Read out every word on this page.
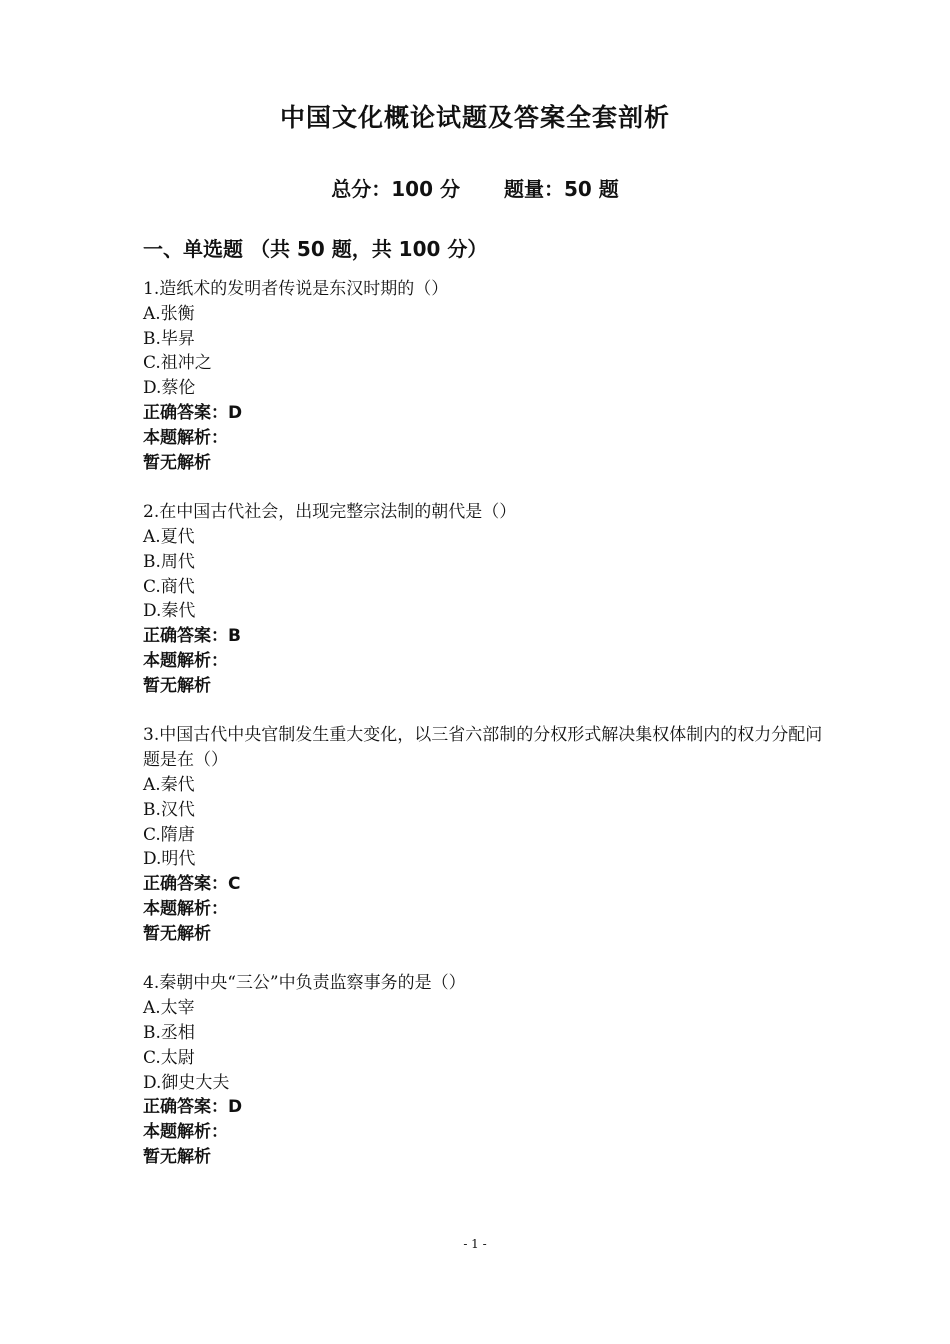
中国文化概论试题及答案全套剖析
总分：100 分 题量：50 题
一、单选题 （共 50 题，共 100 分）
1.造纸术的发明者传说是东汉时期的（）
A.张衡
B.毕昇
C.祖冲之
D.蔡伦
正确答案：D
本题解析：
暂无解析
2.在中国古代社会，出现完整宗法制的朝代是（）
A.夏代
B.周代
C.商代
D.秦代
正确答案：B
本题解析：
暂无解析
3.中国古代中央官制发生重大变化，以三省六部制的分权形式解决集权体制内的权力分配问题是在（）
A.秦代
B.汉代
C.隋唐
D.明代
正确答案：C
本题解析：
暂无解析
4.秦朝中央“三公”中负责监察事务的是（）
A.太宰
B.丞相
C.太尉
D.御史大夫
正确答案：D
本题解析：
暂无解析
- 1 -
